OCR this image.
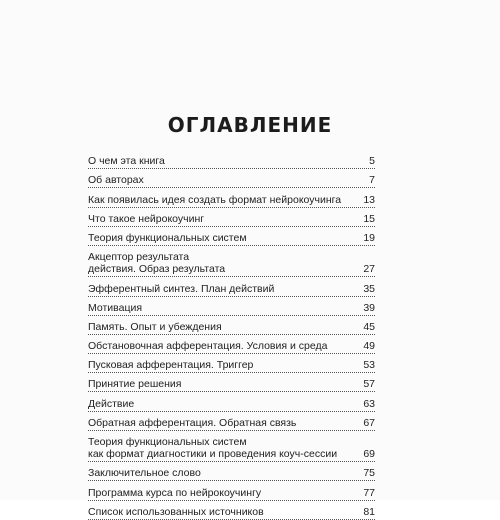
ОГЛАВЛЕНИЕ
О чем эта книга	5
Об авторах	7
Как появилась идея создать формат нейрокоучинга	13
Что такое нейрокоучинг	15
Теория функциональных систем	19
Акцептор результата
действия. Образ результата	27
Эфферентный синтез. План действий	35
Мотивация	39
Память. Опыт и убеждения	45
Обстановочная афферентация. Условия и среда	49
Пусковая афферентация. Триггер	53
Принятие решения	57
Действие	63
Обратная афферентация. Обратная связь	67
Теория функциональных систем
как формат диагностики и проведения коуч-сессии	69
Заключительное слово	75
Программа курса по нейрокоучингу	77
Список использованных источников	81
